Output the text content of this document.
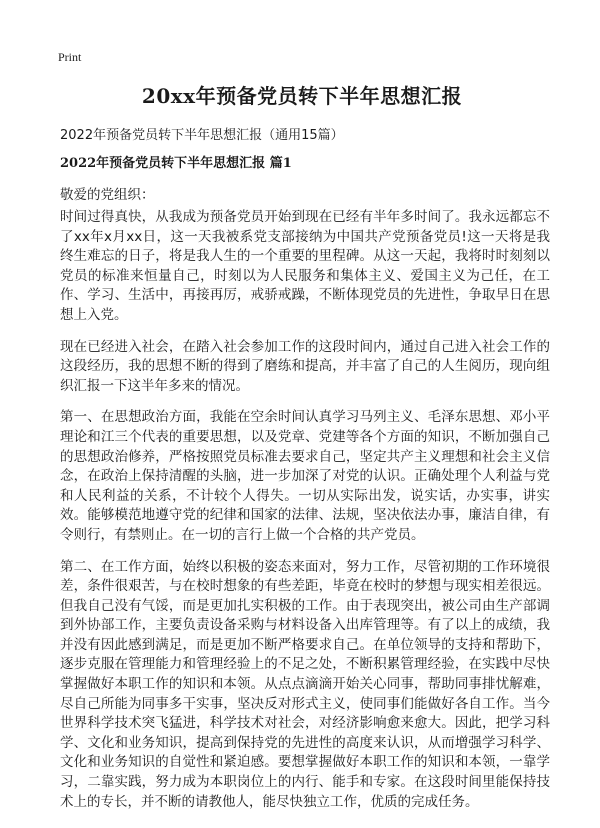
Print
20xx年预备党员转下半年思想汇报
2022年预备党员转下半年思想汇报（通用15篇）
2022年预备党员转下半年思想汇报 篇1
敬爱的党组织：

时间过得真快，从我成为预备党员开始到现在已经有半年多时间了。我永远都忘不了xx年x月xx日，这一天我被系党支部接纳为中国共产党预备党员!这一天将是我终生难忘的日子，将是我人生的一个重要的里程碑。从这一天起，我将时时刻刻以党员的标准来恒量自己，时刻以为人民服务和集体主义、爱国主义为己任，在工作、学习、生活中，再接再厉，戒骄戒躁，不断体现党员的先进性，争取早日在思想上入党。

现在已经进入社会，在踏入社会参加工作的这段时间内，通过自己进入社会工作的这段经历，我的思想不断的得到了磨练和提高，并丰富了自己的人生阅历，现向组织汇报一下这半年多来的情况。

第一、在思想政治方面，我能在空余时间认真学习马列主义、毛泽东思想、邓小平理论和江三个代表的重要思想，以及党章、党建等各个方面的知识，不断加强自己的思想政治修养，严格按照党员标准去要求自己，坚定共产主义理想和社会主义信念，在政治上保持清醒的头脑，进一步加深了对党的认识。正确处理个人利益与党和人民利益的关系，不计较个人得失。一切从实际出发，说实话，办实事，讲实效。能够模范地遵守党的纪律和国家的法律、法规，坚决依法办事，廉洁自律，有令则行，有禁则止。在一切的言行上做一个合格的共产党员。

第二、在工作方面，始终以积极的姿态来面对，努力工作，尽管初期的工作环境很差，条件很艰苦，与在校时想象的有些差距，毕竟在校时的梦想与现实相差很远。但我自己没有气馁，而是更加扎实积极的工作。由于表现突出，被公司由生产部调到外协部工作，主要负责设备采购与材料设备入出库管理等。有了以上的成绩，我并没有因此感到满足，而是更加不断严格要求自己。在单位领导的支持和帮助下，逐步克服在管理能力和管理经验上的不足之处，不断积累管理经验，在实践中尽快掌握做好本职工作的知识和本领。从点点滴滴开始关心同事，帮助同事排忧解难，尽自己所能为同事多干实事，坚决反对形式主义，使同事们能做好各自工作。当今世界科学技术突飞猛进，科学技术对社会，对经济影响愈来愈大。因此，把学习科学、文化和业务知识，提高到保持党的先进性的高度来认识，从而增强学习科学、文化和业务知识的自觉性和紧迫感。要想掌握做好本职工作的知识和本领，一靠学习，二靠实践，努力成为本职岗位上的内行、能手和专家。在这段时间里能保持技术上的专长，并不断的请教他人，能尽快独立工作，优质的完成任务。
